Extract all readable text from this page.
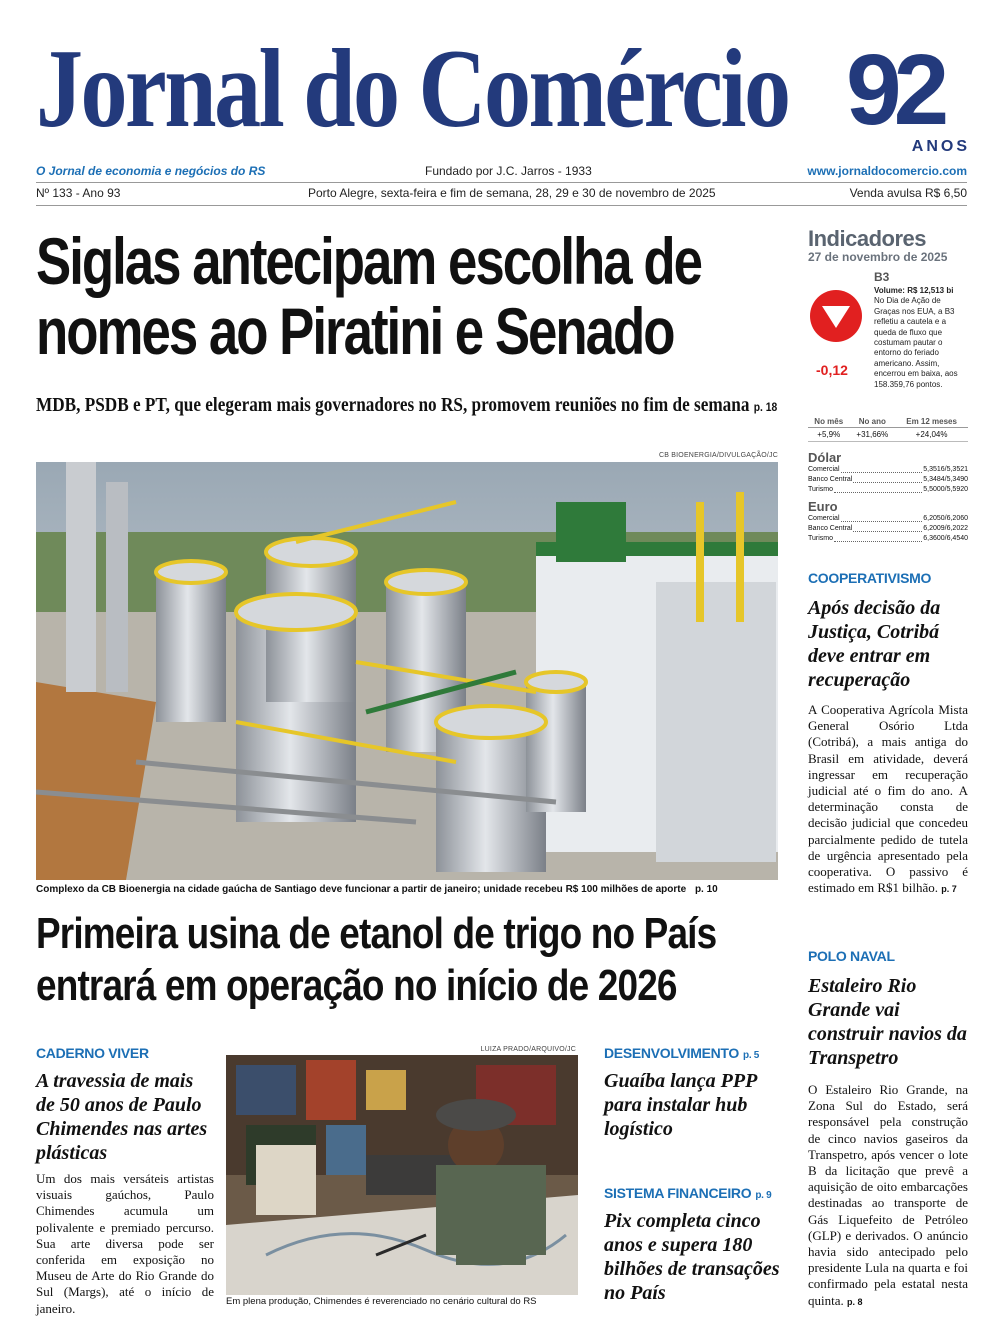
Jornal do Comércio 92
ANOS
O Jornal de economia e negócios do RS	Fundado por J.C. Jarros - 1933	www.jornaldocomercio.com
Nº 133 - Ano 93	Porto Alegre, sexta-feira e fim de semana, 28, 29 e 30 de novembro de 2025	Venda avulsa R$ 6,50
Siglas antecipam escolha de nomes ao Piratini e Senado
MDB, PSDB e PT, que elegeram mais governadores no RS, promovem reuniões no fim de semana p. 18
CB BIOENERGIA/DIVULGAÇÃO/JC
Complexo da CB Bioenergia na cidade gaúcha de Santiago deve funcionar a partir de janeiro; unidade recebeu R$ 100 milhões de aporte p. 10
Primeira usina de etanol de trigo no País entrará em operação no início de 2026
CADERNO VIVER
A travessia de mais de 50 anos de Paulo Chimendes nas artes plásticas
Um dos mais versáteis artistas visuais gaúchos, Paulo Chimendes acumula um polivalente e premiado percurso. Sua arte diversa pode ser conferida em exposição no Museu de Arte do Rio Grande do Sul (Margs), até o início de janeiro.
LUIZA PRADO/ARQUIVO/JC
Em plena produção, Chimendes é reverenciado no cenário cultural do RS
DESENVOLVIMENTO p. 5
Guaíba lança PPP para instalar hub logístico
SISTEMA FINANCEIRO p. 9
Pix completa cinco anos e supera 180 bilhões de transações no País
Indicadores
27 de novembro de 2025
B3
-0,12
Volume: R$ 12,513 bi
No Dia de Ação de Graças nos EUA, a B3 refletiu a cautela e a queda de fluxo que costumam pautar o entorno do feriado americano. Assim, encerrou em baixa, aos 158.359,76 pontos.
No mês	No ano	Em 12 meses
+5,9%	+31,66%	+24,04%
Dólar
Comercial	5,3516/5,3521
Banco Central	5,3484/5,3490
Turismo	5,5000/5,5920
Euro
Comercial	6,2050/6,2060
Banco Central	6,2009/6,2022
Turismo	6,3600/6,4540
COOPERATIVISMO
Após decisão da Justiça, Cotribá deve entrar em recuperação
A Cooperativa Agrícola Mista General Osório Ltda (Cotribá), a mais antiga do Brasil em atividade, deverá ingressar em recuperação judicial até o fim do ano. A determinação consta de decisão judicial que concedeu parcialmente pedido de tutela de urgência apresentado pela cooperativa. O passivo é estimado em R$1 bilhão. p. 7
POLO NAVAL
Estaleiro Rio Grande vai construir navios da Transpetro
O Estaleiro Rio Grande, na Zona Sul do Estado, será responsável pela construção de cinco navios gaseiros da Transpetro, após vencer o lote B da licitação que prevê a aquisição de oito embarcações destinadas ao transporte de Gás Liquefeito de Petróleo (GLP) e derivados. O anúncio havia sido antecipado pelo presidente Lula na quarta e foi confirmado pela estatal nesta quinta. p. 8
